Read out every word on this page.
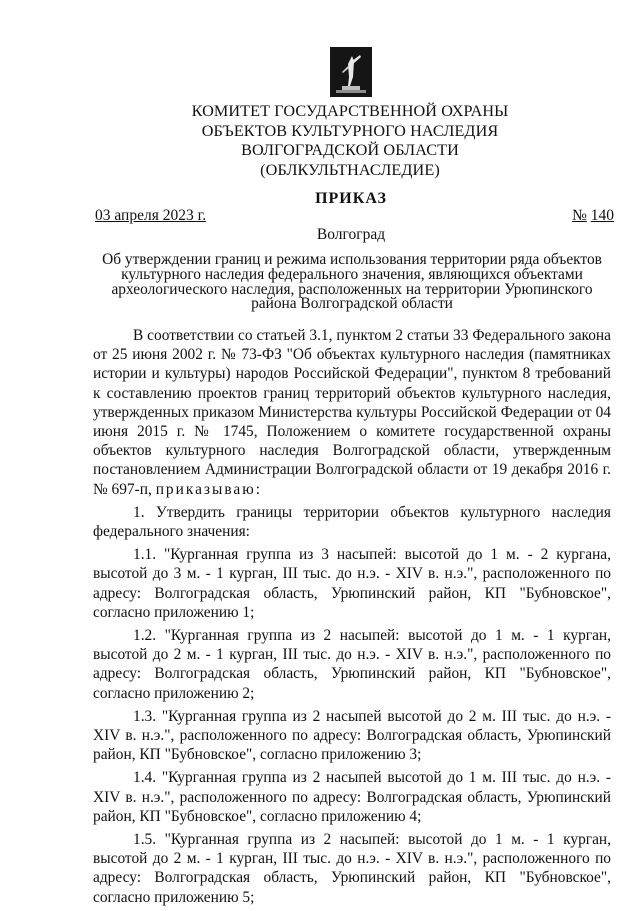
КОМИТЕТ ГОСУДАРСТВЕННОЙ ОХРАНЫ
ОБЪЕКТОВ КУЛЬТУРНОГО НАСЛЕДИЯ
ВОЛГОГРАДСКОЙ ОБЛАСТИ
(ОБЛКУЛЬТНАСЛЕДИЕ)
ПРИКАЗ
03 апреля 2023 г.	№ 140
Волгоград
Об утверждении границ и режима использования территории ряда объектов культурного наследия федерального значения, являющихся объектами археологического наследия, расположенных на территории Урюпинского района Волгоградской области

В соответствии со статьей 3.1, пунктом 2 статьи 33 Федерального закона от 25 июня 2002 г. № 73-ФЗ "Об объектах культурного наследия (памятниках истории и культуры) народов Российской Федерации", пунктом 8 требований к составлению проектов границ территорий объектов культурного наследия, утвержденных приказом Министерства культуры Российской Федерации от 04 июня 2015 г. № 1745, Положением о комитете государственной охраны объектов культурного наследия Волгоградской области, утвержденным постановлением Администрации Волгоградской области от 19 декабря 2016 г. № 697-п, приказываю:

1. Утвердить границы территории объектов культурного наследия федерального значения:

1.1. "Курганная группа из 3 насыпей: высотой до 1 м. - 2 кургана, высотой до 3 м. - 1 курган, III тыс. до н.э. - XIV в. н.э.", расположенного по адресу: Волгоградская область, Урюпинский район, КП "Бубновское", согласно приложению 1;

1.2. "Курганная группа из 2 насыпей: высотой до 1 м. - 1 курган, высотой до 2 м. - 1 курган, III тыс. до н.э. - XIV в. н.э.", расположенного по адресу: Волгоградская область, Урюпинский район, КП "Бубновское", согласно приложению 2;

1.3. "Курганная группа из 2 насыпей высотой до 2 м. III тыс. до н.э. - XIV в. н.э.", расположенного по адресу: Волгоградская область, Урюпинский район, КП "Бубновское", согласно приложению 3;

1.4. "Курганная группа из 2 насыпей высотой до 1 м. III тыс. до н.э. - XIV в. н.э.", расположенного по адресу: Волгоградская область, Урюпинский район, КП "Бубновское", согласно приложению 4;

1.5. "Курганная группа из 2 насыпей: высотой до 1 м. - 1 курган, высотой до 2 м. - 1 курган, III тыс. до н.э. - XIV в. н.э.", расположенного по адресу: Волгоградская область, Урюпинский район, КП "Бубновское", согласно приложению 5;
